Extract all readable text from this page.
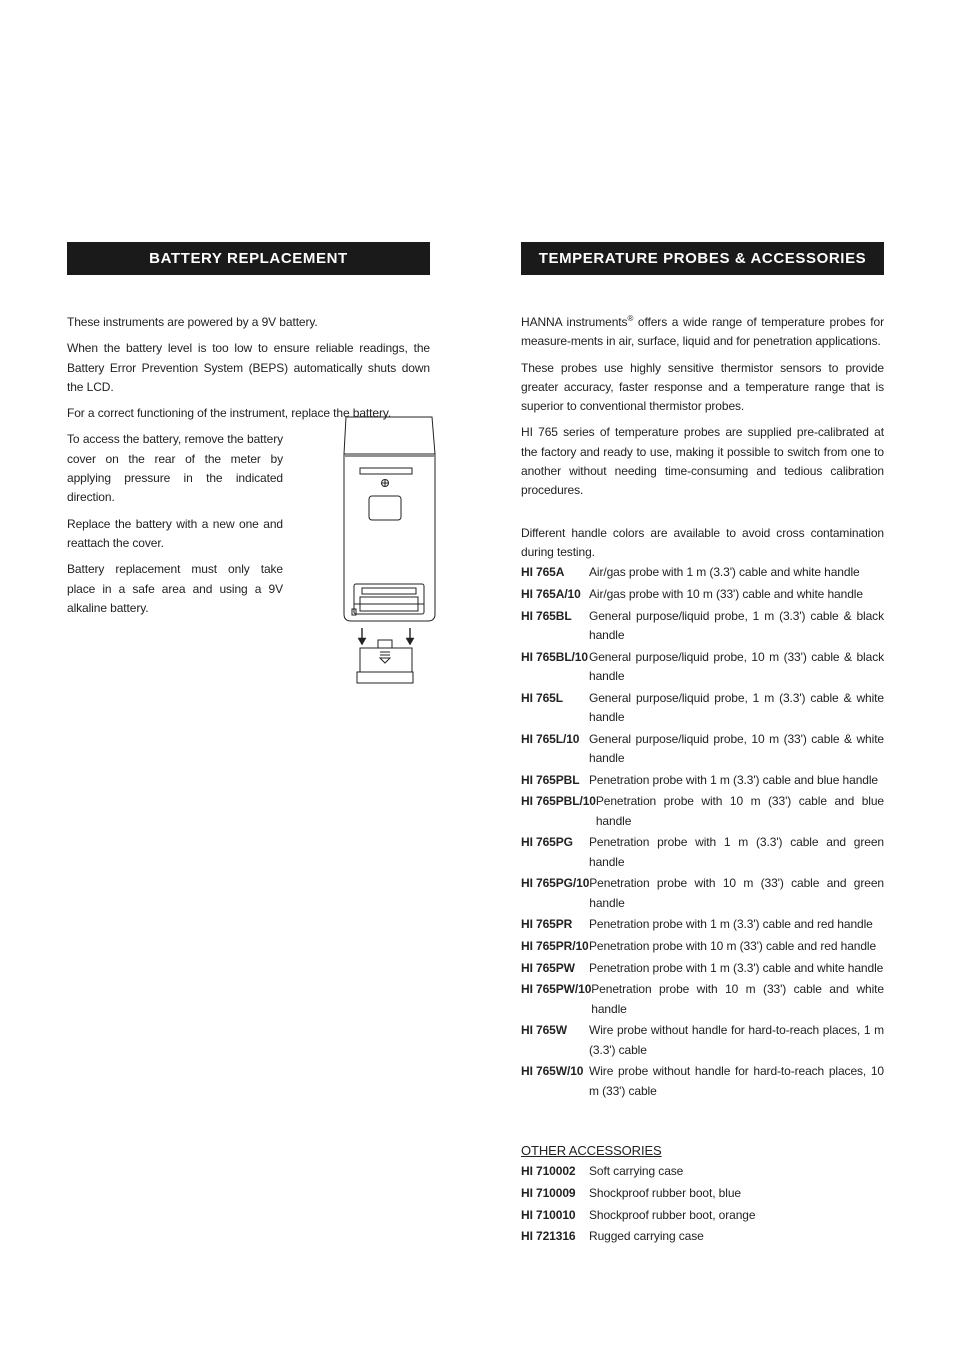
BATTERY REPLACEMENT

These instruments are powered by a 9V battery.

When the battery level is too low to ensure reliable readings, the Battery Error Prevention System (BEPS) automatically shuts down the LCD.

For a correct functioning of the instrument, replace the battery.

To access the battery, remove the battery cover on the rear of the meter by applying pressure in the indicated direction.

Replace the battery with a new one and reattach the cover.

Battery replacement must only take place in a safe area and using a 9V alkaline battery.

TEMPERATURE PROBES & ACCESSORIES

HANNA instruments® offers a wide range of temperature probes for measure-ments in air, surface, liquid and for penetration applications.

These probes use highly sensitive thermistor sensors to provide greater accuracy, faster response and a temperature range that is superior to conventional thermistor probes.

HI 765 series of temperature probes are supplied pre-calibrated at the factory and ready to use, making it possible to switch from one to another without needing time-consuming and tedious calibration procedures.

Different handle colors are available to avoid cross contamination during testing.

HI 765A	Air/gas probe with 1 m (3.3') cable and white handle
HI 765A/10 Air/gas probe with 10 m (33') cable and white handle
HI 765BL	General purpose/liquid probe, 1 m (3.3') cable & black handle
HI 765BL/10 General purpose/liquid probe, 10 m (33') cable & black handle
HI 765L	General purpose/liquid probe, 1 m (3.3') cable & white handle
HI 765L/10 General purpose/liquid probe, 10 m (33') cable & white handle
HI 765PBL Penetration probe with 1 m (3.3') cable and blue handle
HI 765PBL/10 Penetration probe with 10 m (33') cable and blue handle
HI 765PG	Penetration probe with 1 m (3.3') cable and green handle
HI 765PG/10 Penetration probe with 10 m (33') cable and green handle
HI 765PR	Penetration probe with 1 m (3.3') cable and red handle
HI 765PR/10 Penetration probe with 10 m (33') cable and red handle
HI 765PW	Penetration probe with 1 m (3.3') cable and white handle
HI 765PW/10 Penetration probe with 10 m (33') cable and white handle
HI 765W	Wire probe without handle for hard-to-reach places, 1 m (3.3') cable
HI 765W/10 Wire probe without handle for hard-to-reach places, 10 m (33') cable
OTHER ACCESSORIES
HI 710002	Soft carrying case
HI 710009	Shockproof rubber boot, blue
HI 710010	Shockproof rubber boot, orange
HI 721316	Rugged carrying case
